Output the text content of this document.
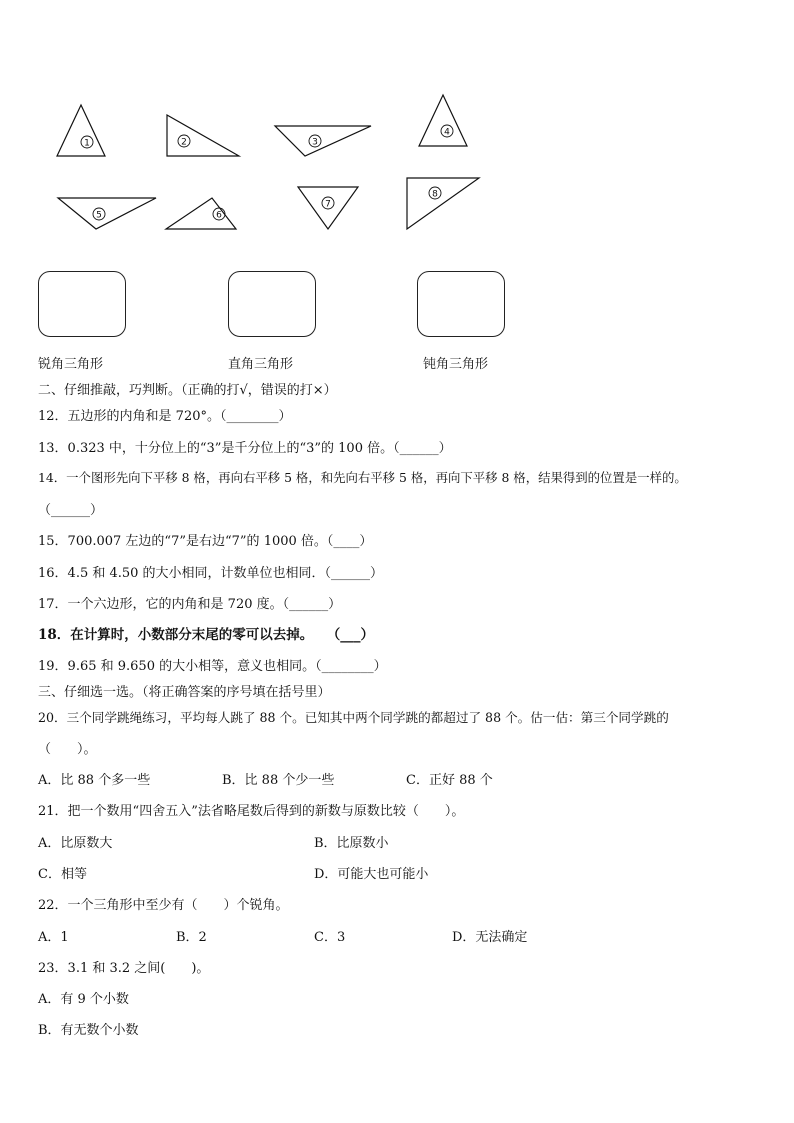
1	2	3
4
5	6
7
8
锐角三角形	直角三角形	钝角三角形
二、仔细推敲，巧判断。（正确的打√，错误的打×）
12．五边形的内角和是 720°。（________）
13．0.323 中，十分位上的“3”是千分位上的“3”的 100 倍。（______）
14．一个图形先向下平移 8 格，再向右平移 5 格，和先向右平移 5 格，再向下平移 8 格，结果得到的位置是一样的。
（______）
15．700.007 左边的“7”是右边“7”的 1000 倍。（____）
16．4.5 和 4.50 的大小相同，计数单位也相同．（______）
17．一个六边形，它的内角和是 720 度。（______）
18．在计算时，小数部分末尾的零可以去掉。　　（___）
19．9.65 和 9.650 的大小相等，意义也相同。（________）
三、仔细选一选。（将正确答案的序号填在括号里）
20．三个同学跳绳练习，平均每人跳了 88 个。已知其中两个同学跳的都超过了 88 个。估一估：第三个同学跳的
（　　）。
A．比 88 个多一些	B．比 88 个少一些	C．正好 88 个
21．把一个数用“四舍五入”法省略尾数后得到的新数与原数比较（　　）。
A．比原数大	B．比原数小
C．相等	D．可能大也可能小
22．一个三角形中至少有（　　）个锐角。
A．1	B．2	C．3	D．无法确定
23．3.1 和 3.2 之间(　　)。
A．有 9 个小数
B．有无数个小数
